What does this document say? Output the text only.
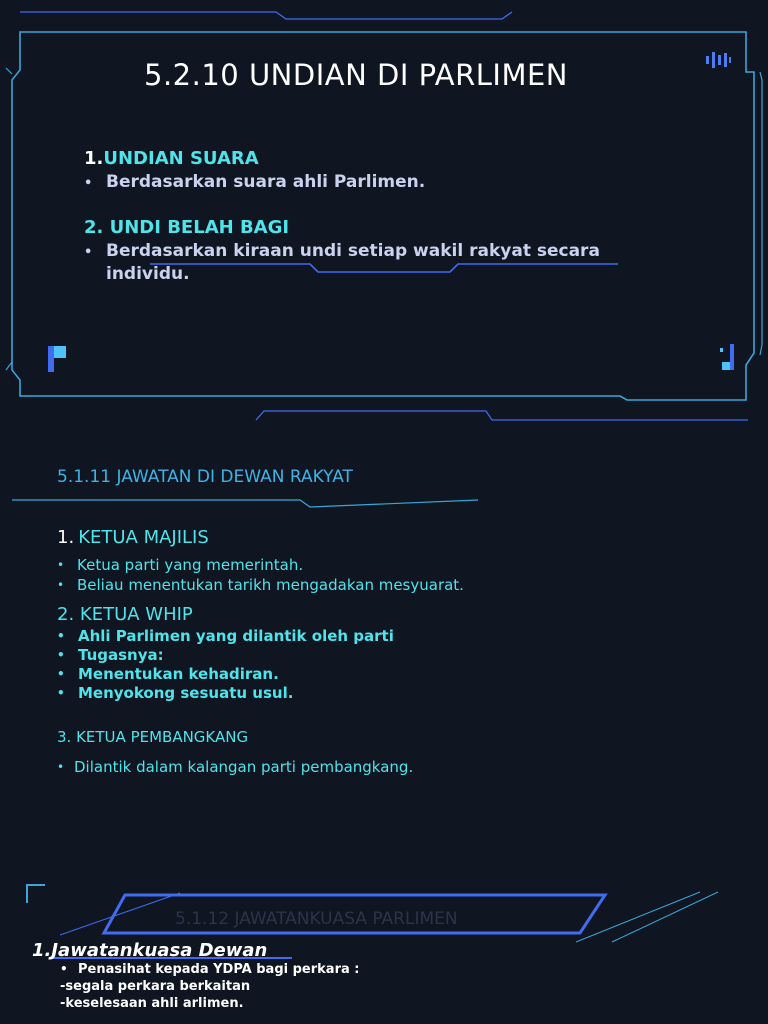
5.2.10 UNDIAN DI PARLIMEN
1.UNDIAN SUARA
• Berdasarkan suara ahli Parlimen.
2. UNDI BELAH BAGI
• Berdasarkan kiraan undi setiap wakil rakyat secara
individu.
5.1.11 JAWATAN DI DEWAN RAKYAT
1. KETUA MAJILIS
• Ketua parti yang memerintah.
• Beliau menentukan tarikh mengadakan mesyuarat.
2. KETUA WHIP
• Ahli Parlimen yang dilantik oleh parti
• Tugasnya:
• Menentukan kehadiran.
• Menyokong sesuatu usul.
3. KETUA PEMBANGKANG
• Dilantik dalam kalangan parti pembangkang.
5.1.12 JAWATANKUASA PARLIMEN
1.Jawatankuasa Dewan
• Penasihat kepada YDPA bagi perkara :
-segala perkara berkaitan
-keselesaan ahli arlimen.
